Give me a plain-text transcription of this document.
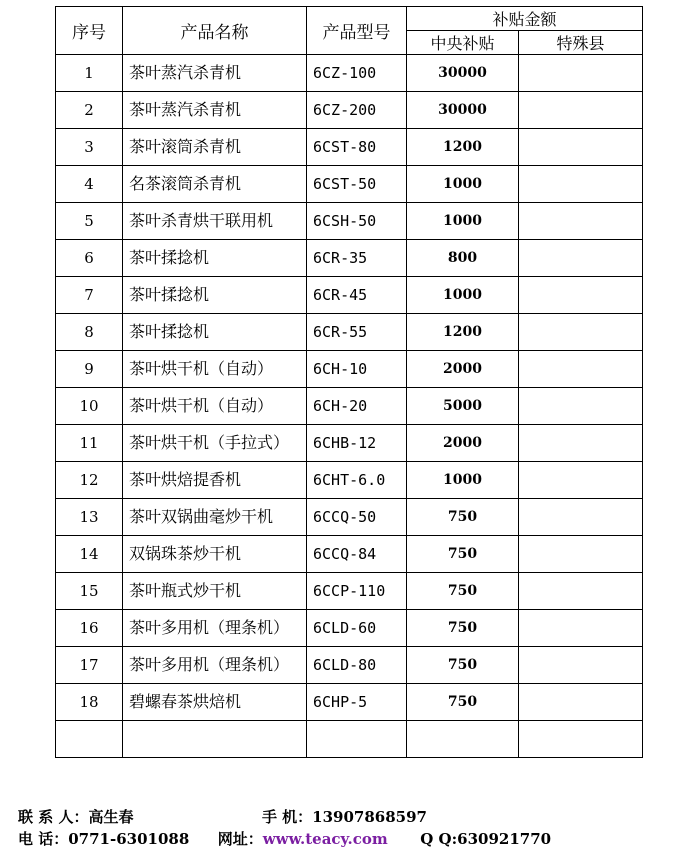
序号	产品名称	产品型号	补贴金额	
			中央补贴	特殊县
1	茶叶蒸汽杀青机	6CZ-100	30000	
2	茶叶蒸汽杀青机	6CZ-200	30000	
3	茶叶滚筒杀青机	6CST-80	1200	
4	名茶滚筒杀青机	6CST-50	1000	
5	茶叶杀青烘干联用机	6CSH-50	1000	
6	茶叶揉捻机	6CR-35	800	
7	茶叶揉捻机	6CR-45	1000	
8	茶叶揉捻机	6CR-55	1200	
9	茶叶烘干机（自动）	6CH-10	2000	
10	茶叶烘干机（自动）	6CH-20	5000	
11	茶叶烘干机（手拉式）	6CHB-12	2000	
12	茶叶烘焙提香机	6CHT-6.0	1000	
13	茶叶双锅曲毫炒干机	6CCQ-50	750	
14	双锅珠茶炒干机	6CCQ-84	750	
15	茶叶瓶式炒干机	6CCP-110	750	
16	茶叶多用机（理条机）	6CLD-60	750	
17	茶叶多用机（理条机）	6CLD-80	750	
18	碧螺春茶烘焙机	6CHP-5	750	

联 系 人：高生春	手 机：13907868597
电 话：0771-6301088 网址：www.teacy.com Q Q:630921770
